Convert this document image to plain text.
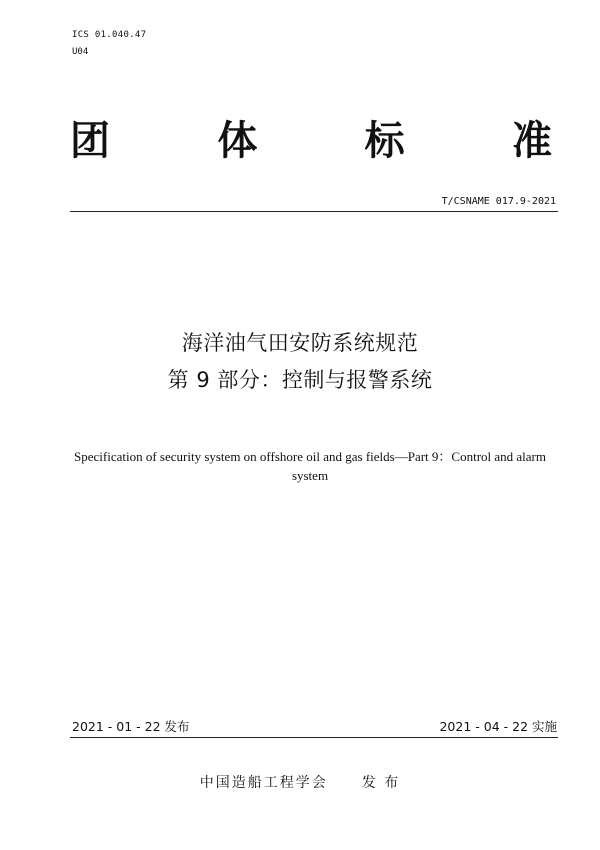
ICS 01.040.47
U04
团	体	标	准
T/CSNAME 017.9-2021
海洋油气田安防系统规范
第 9 部分：控制与报警系统
Specification of security system on offshore oil and gas fields—Part 9：Control and alarm system
2021 - 01 - 22 发布	2021 - 04 - 22 实施
中国造船工程学会 发 布
